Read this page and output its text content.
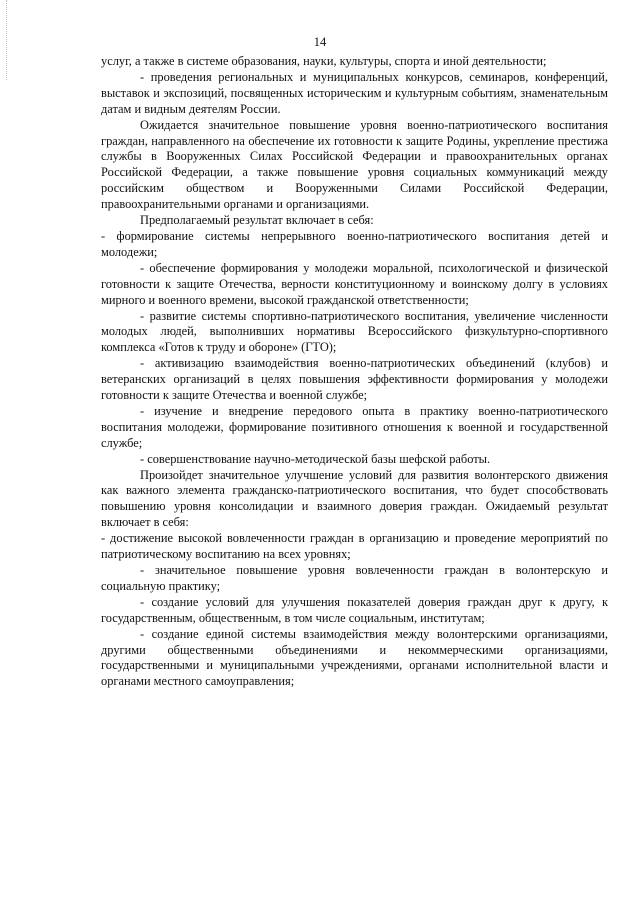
14

услуг, а также в системе образования, науки, культуры, спорта и иной деятельности;

- проведения региональных и муниципальных конкурсов, семинаров, конференций, выставок и экспозиций, посвященных историческим и культурным событиям, знаменательным датам и видным деятелям России.

Ожидается значительное повышение уровня военно-патриотического воспитания граждан, направленного на обеспечение их готовности к защите Родины, укрепление престижа службы в Вооруженных Силах Российской Федерации и правоохранительных органах Российской Федерации, а также повышение уровня социальных коммуникаций между российским обществом и Вооруженными Силами Российской Федерации, правоохранительными органами и организациями.

Предполагаемый результат включает в себя:

- формирование системы непрерывного военно-патриотического воспитания детей и молодежи;

- обеспечение формирования у молодежи моральной, психологической и физической готовности к защите Отечества, верности конституционному и воинскому долгу в условиях мирного и военного времени, высокой гражданской ответственности;

- развитие системы спортивно-патриотического воспитания, увеличение численности молодых людей, выполнивших нормативы Всероссийского физкультурно-спортивного комплекса «Готов к труду и обороне» (ГТО);

- активизацию взаимодействия военно-патриотических объединений (клубов) и ветеранских организаций в целях повышения эффективности формирования у молодежи готовности к защите Отечества и военной службе;

- изучение и внедрение передового опыта в практику военно-патриотического воспитания молодежи, формирование позитивного отношения к военной и государственной службе;

- совершенствование научно-методической базы шефской работы.

Произойдет значительное улучшение условий для развития волонтерского движения как важного элемента гражданско-патриотического воспитания, что будет способствовать повышению уровня консолидации и взаимного доверия граждан. Ожидаемый результат включает в себя:

- достижение высокой вовлеченности граждан в организацию и проведение мероприятий по патриотическому воспитанию на всех уровнях;

- значительное повышение уровня вовлеченности граждан в волонтерскую и социальную практику;

- создание условий для улучшения показателей доверия граждан друг к другу, к государственным, общественным, в том числе социальным, институтам;

- создание единой системы взаимодействия между волонтерскими организациями, другими общественными объединениями и некоммерческими организациями, государственными и муниципальными учреждениями, органами исполнительной власти и органами местного самоуправления;
